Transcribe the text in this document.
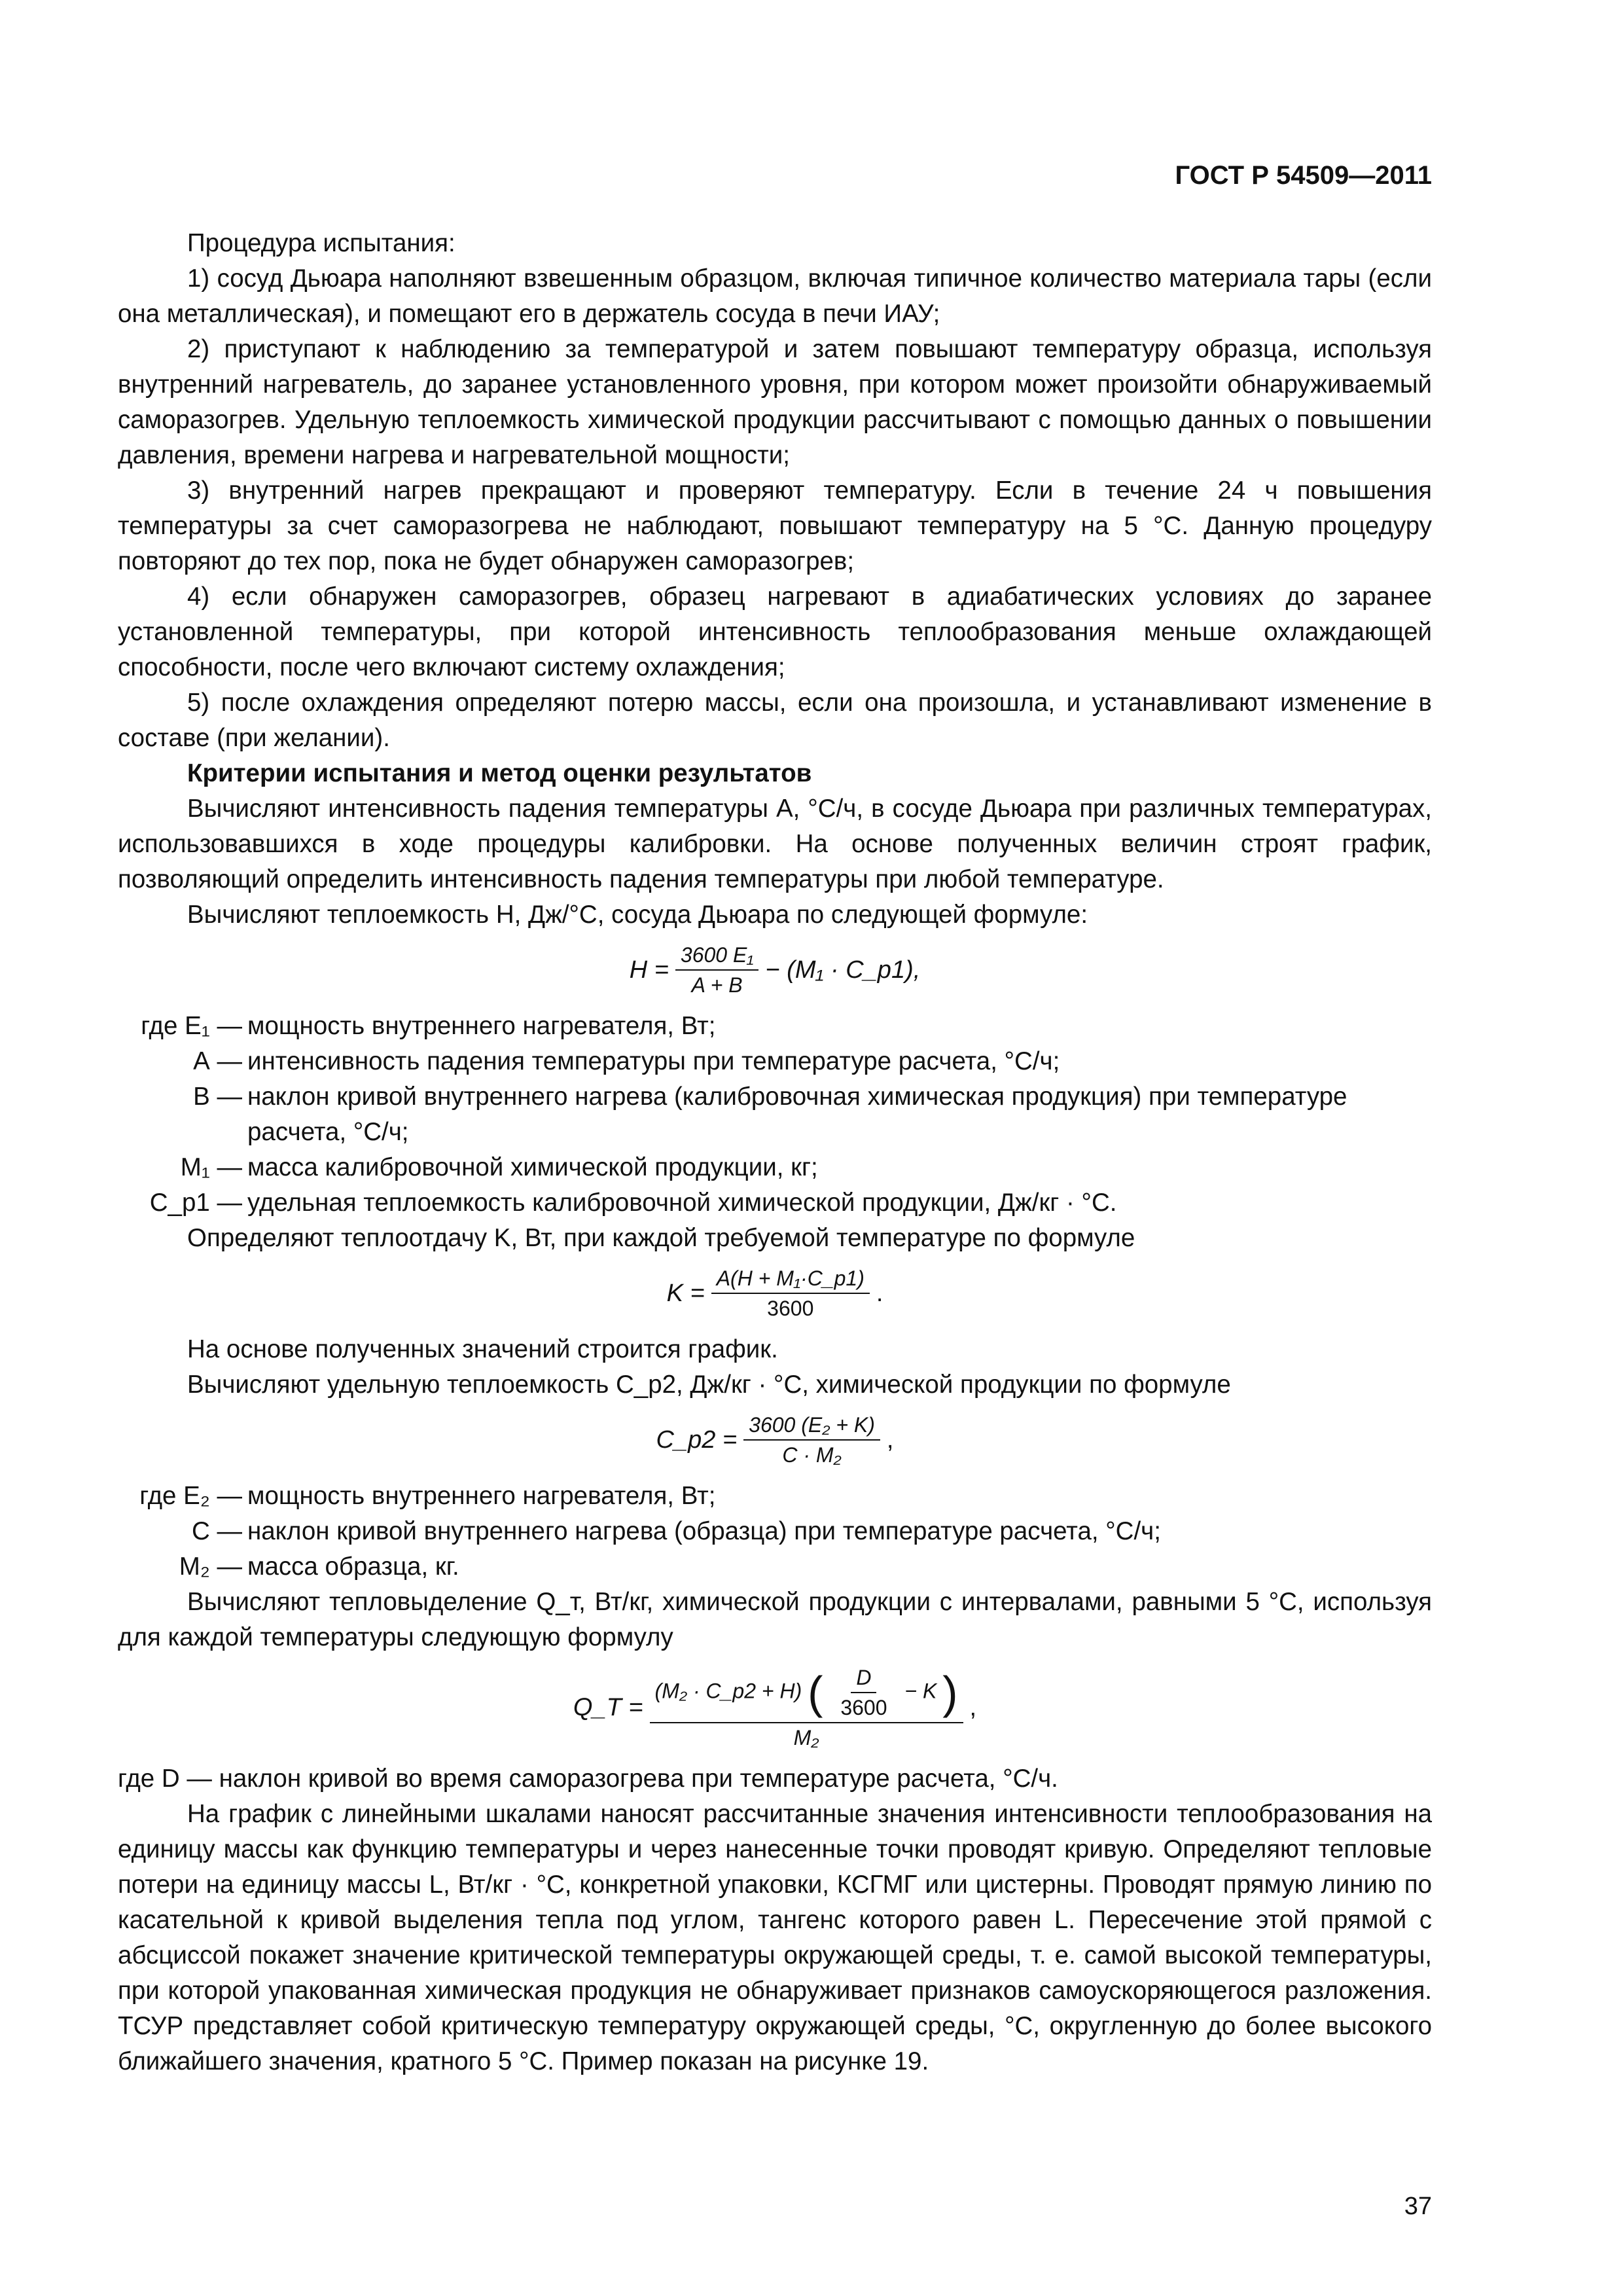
ГОСТ Р 54509—2011

Процедура испытания:

1) сосуд Дьюара наполняют взвешенным образцом, включая типичное количество материала тары (если она металлическая), и помещают его в держатель сосуда в печи ИАУ;

2) приступают к наблюдению за температурой и затем повышают температуру образца, используя внутренний нагреватель, до заранее установленного уровня, при котором может произойти обнаруживаемый саморазогрев. Удельную теплоемкость химической продукции рассчитывают с помощью данных о повышении давления, времени нагрева и нагревательной мощности;

3) внутренний нагрев прекращают и проверяют температуру. Если в течение 24 ч повышения температуры за счет саморазогрева не наблюдают, повышают температуру на 5 °С. Данную процедуру повторяют до тех пор, пока не будет обнаружен саморазогрев;

4) если обнаружен саморазогрев, образец нагревают в адиабатических условиях до заранее установленной температуры, при которой интенсивность теплообразования меньше охлаждающей способности, после чего включают систему охлаждения;

5) после охлаждения определяют потерю массы, если она произошла, и устанавливают изменение в составе (при желании).

Критерии испытания и метод оценки результатов

Вычисляют интенсивность падения температуры А, °С/ч, в сосуде Дьюара при различных температурах, использовавшихся в ходе процедуры калибровки. На основе полученных величин строят график, позволяющий определить интенсивность падения температуры при любой температуре.

Вычисляют теплоемкость Н, Дж/°С, сосуда Дьюара по следующей формуле:

$H = \frac{\text{3600 E₁}}{A + B} - (M_1$ · C_p1),
где E₁ — мощность внутреннего нагревателя, Вт;
А — интенсивность падения температуры при температуре расчета, °С/ч;
В — наклон кривой внутреннего нагрева (калибровочная химическая продукция) при температуре расчета, °С/ч;
M₁ — масса калибровочной химической продукции, кг;
C_p1 — удельная теплоемкость калибровочной химической продукции, Дж/кг · °С.

Определяют теплоотдачу K, Вт, при каждой требуемой температуре по формуле

$K = \frac{\text{A(H + M₁·C\_p1)}}{3600}$ .

На основе полученных значений строится график.

Вычисляют удельную теплоемкость C_p2, Дж/кг · °С, химической продукции по формуле

C_p2 = $\frac{\text{3600 (E₂ + K)}}{\text{C · M₂}}$ ,
где E₂ — мощность внутреннего нагревателя, Вт;
С — наклон кривой внутреннего нагрева (образца) при температуре расчета, °С/ч;
M₂ — масса образца, кг.

Вычисляют тепловыделение Q_т, Вт/кг, химической продукции с интервалами, равными 5 °С, используя для каждой температуры следующую формулу

Q_T =
(M₂ · C_p2 + H) ( $\frac{D}{3600} - K$ )
M₂
,

где D — наклон кривой во время саморазогрева при температуре расчета, °С/ч.

На график с линейными шкалами наносят рассчитанные значения интенсивности теплообразования на единицу массы как функцию температуры и через нанесенные точки проводят кривую. Определяют тепловые потери на единицу массы L, Вт/кг · °С, конкретной упаковки, КСГМГ или цистерны. Проводят прямую линию по касательной к кривой выделения тепла под углом, тангенс которого равен L. Пересечение этой прямой с абсциссой покажет значение критической температуры окружающей среды, т. е. самой высокой температуры, при которой упакованная химическая продукция не обнаруживает признаков самоускоряющегося разложения. ТСУР представляет собой критическую температуру окружающей среды, °С, округленную до более высокого ближайшего значения, кратного 5 °С. Пример показан на рисунке 19.

37
